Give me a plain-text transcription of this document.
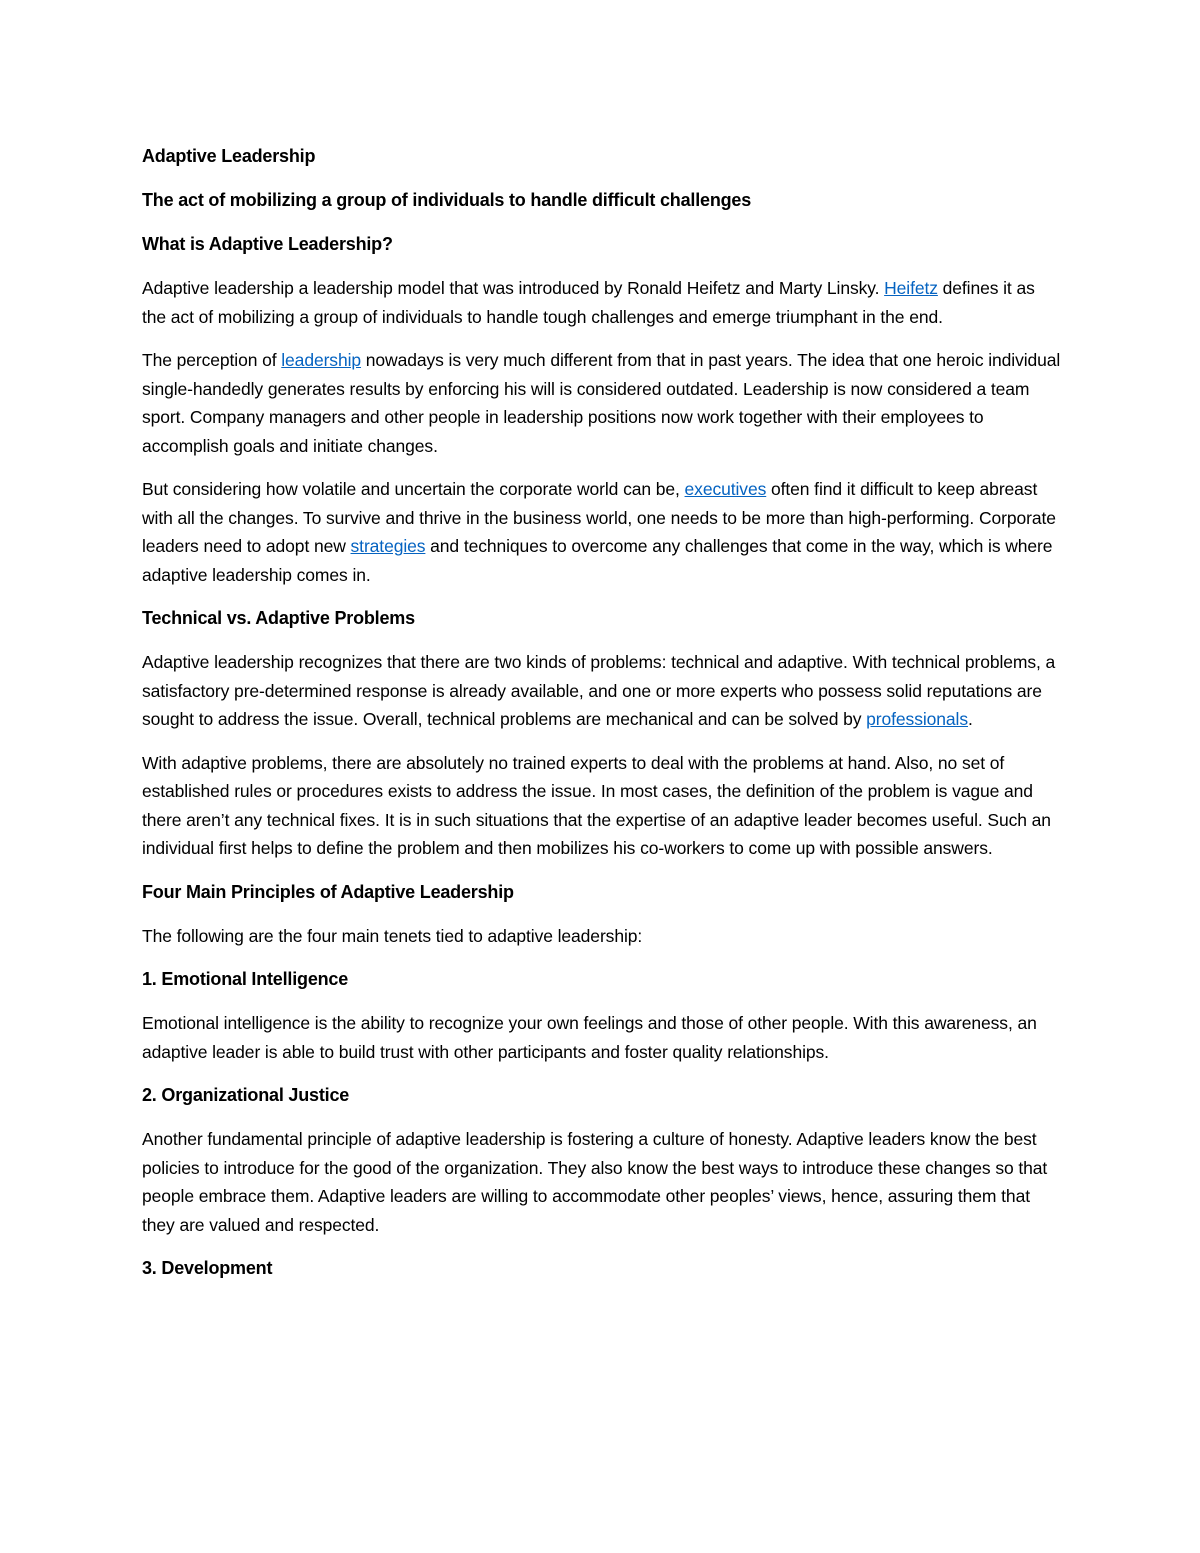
Adaptive Leadership
The act of mobilizing a group of individuals to handle difficult challenges
What is Adaptive Leadership?

Adaptive leadership a leadership model that was introduced by Ronald Heifetz and Marty Linsky. Heifetz defines it as the act of mobilizing a group of individuals to handle tough challenges and emerge triumphant in the end.

The perception of leadership nowadays is very much different from that in past years. The idea that one heroic individual single-handedly generates results by enforcing his will is considered outdated. Leadership is now considered a team sport. Company managers and other people in leadership positions now work together with their employees to accomplish goals and initiate changes.

But considering how volatile and uncertain the corporate world can be, executives often find it difficult to keep abreast with all the changes. To survive and thrive in the business world, one needs to be more than high-performing. Corporate leaders need to adopt new strategies and techniques to overcome any challenges that come in the way, which is where adaptive leadership comes in.

Technical vs. Adaptive Problems

Adaptive leadership recognizes that there are two kinds of problems: technical and adaptive. With technical problems, a satisfactory pre-determined response is already available, and one or more experts who possess solid reputations are sought to address the issue. Overall, technical problems are mechanical and can be solved by professionals.

With adaptive problems, there are absolutely no trained experts to deal with the problems at hand. Also, no set of established rules or procedures exists to address the issue. In most cases, the definition of the problem is vague and there aren’t any technical fixes. It is in such situations that the expertise of an adaptive leader becomes useful. Such an individual first helps to define the problem and then mobilizes his co-workers to come up with possible answers.

Four Main Principles of Adaptive Leadership

The following are the four main tenets tied to adaptive leadership:

1. Emotional Intelligence

Emotional intelligence is the ability to recognize your own feelings and those of other people. With this awareness, an adaptive leader is able to build trust with other participants and foster quality relationships.

2. Organizational Justice

Another fundamental principle of adaptive leadership is fostering a culture of honesty. Adaptive leaders know the best policies to introduce for the good of the organization. They also know the best ways to introduce these changes so that people embrace them. Adaptive leaders are willing to accommodate other peoples’ views, hence, assuring them that they are valued and respected.

3. Development
